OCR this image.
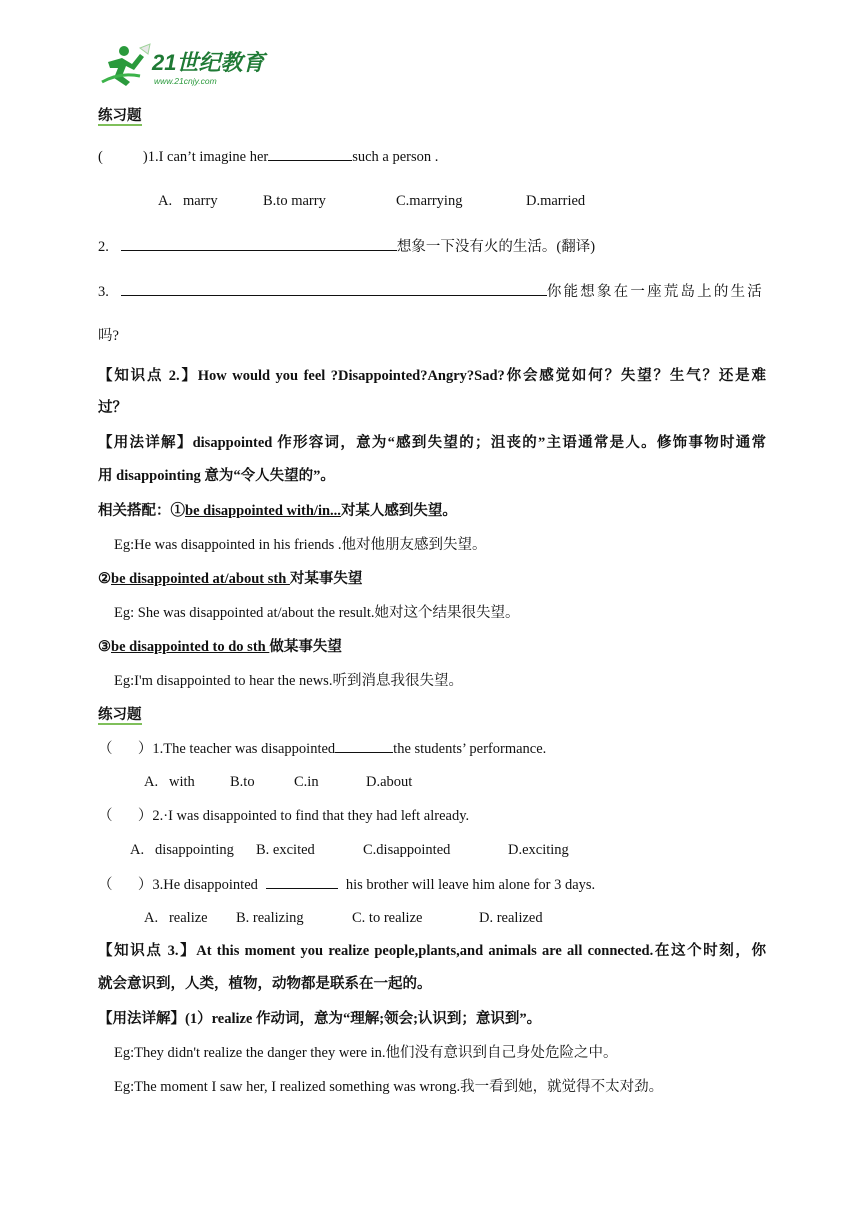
21世纪教育
www.21cnjy.com
练习题
(	)1.I can’t imagine her	such a person .
A.   marry	B.to marry	C.marrying	D.married
2.	想象一下没有火的生活。(翻译)
3.	你能想象在一座荒岛上的生活
吗?
【知识点 2.】How would you feel ?Disappointed?Angry?Sad?你会感觉如何？失望？生气？还是难
过？
【用法详解】disappointed 作形容词，意为“感到失望的；沮丧的”主语通常是人。修饰事物时通常
用 disappointing 意为“令人失望的”。
相关搭配：①be disappointed with/in...对某人感到失望。
Eg:He was disappointed in his friends .他对他朋友感到失望。
②be disappointed at/about sth 对某事失望
Eg: She was disappointed at/about the result.她对这个结果很失望。
③be disappointed to do sth 做某事失望
Eg:I'm disappointed to hear the news.听到消息我很失望。
练习题
（       ）1.The teacher was disappointed	the students’ performance.
A.   with B.to	C.in	D.about
（       ）2.·I was disappointed to find that they had left already.
A.   disappointing B. excited	C.disappointed	D.exciting
（       ）3.He disappointed	his brother will leave him alone for 3 days.
A.   realize B. realizing	C. to realize	D. realized
【知识点 3.】At this moment you realize people,plants,and animals are all connected.在这个时刻，你
就会意识到，人类，植物，动物都是联系在一起的。
【用法详解】(1）realize 作动词，意为“理解;领会;认识到；意识到”。
Eg:They didn't realize the danger they were in.他们没有意识到自己身处危险之中。
Eg:The moment I saw her, I realized something was wrong.我一看到她，就觉得不太对劲。
